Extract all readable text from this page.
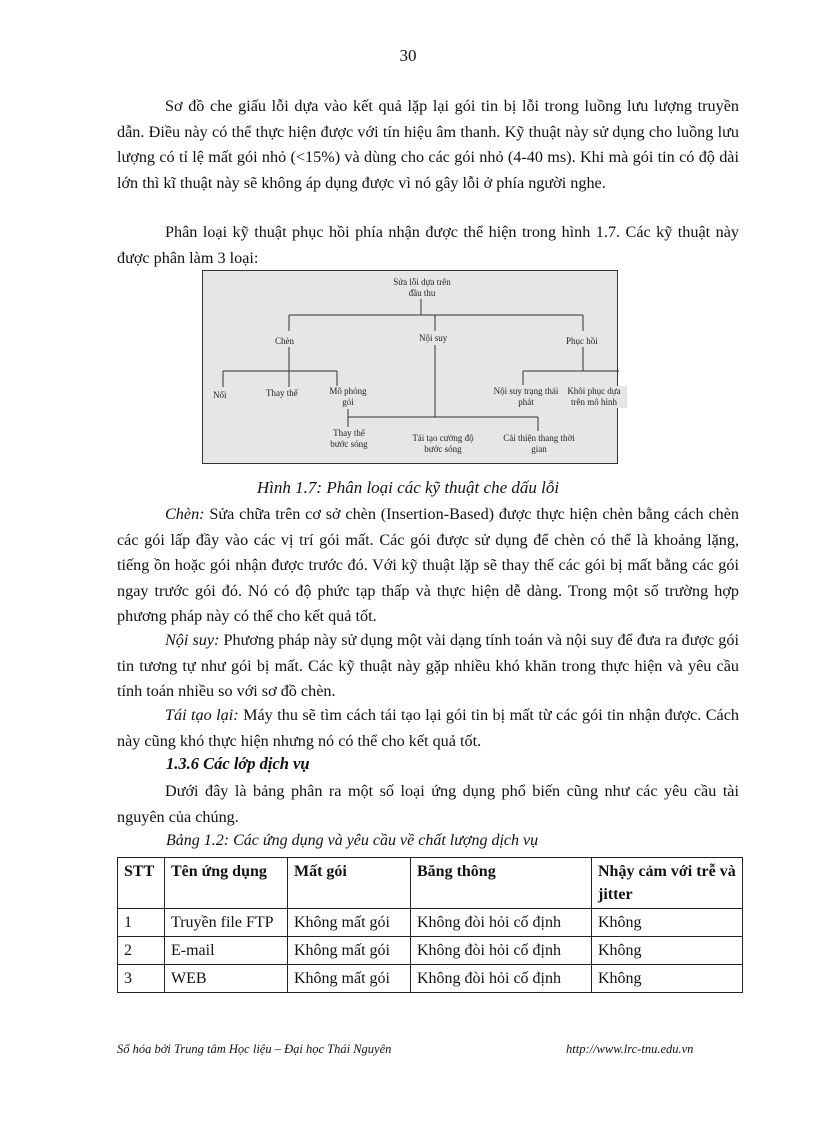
30

Sơ đồ che giấu lỗi dựa vào kết quả lặp lại gói tin bị lỗi trong luồng lưu lượng truyền dẫn. Điều này có thể thực hiện được với tín hiệu âm thanh. Kỹ thuật này sử dụng cho luồng lưu lượng có tỉ lệ mất gói nhỏ (<15%) và dùng cho các gói nhỏ (4-40 ms). Khi mà gói tin có độ dài lớn thì kĩ thuật này sẽ không áp dụng được vì nó gây lỗi ở phía người nghe.

Phân loại kỹ thuật phục hồi phía nhận được thể hiện trong hình 1.7. Các kỹ thuật này được phân làm 3 loại:

Sửa lỗi dựa trên đầu thu
Chèn	Nội suy	Phục hồi
Nối	Thay thế	Mô phỏng gói
Nội suy trạng thái phát
Khôi phục dựa trên mô hình
Thay thế bước sóng
Tái tạo cường độ bước sóng
Cải thiện thang thời gian
Hình 1.7: Phân loại các kỹ thuật che dấu lỗi

Chèn: Sửa chữa trên cơ sở chèn (Insertion-Based) được thực hiện chèn bằng cách chèn các gói lấp đầy vào các vị trí gói mất. Các gói được sử dụng để chèn có thể là khoảng lặng, tiếng ồn hoặc gói nhận được trước đó. Với kỹ thuật lặp sẽ thay thế các gói bị mất bằng các gói ngay trước gói đó. Nó có độ phức tạp thấp và thực hiện dễ dàng. Trong một số trường hợp phương pháp này có thể cho kết quả tốt.

Nội suy: Phương pháp này sử dụng một vài dạng tính toán và nội suy để đưa ra được gói tin tương tự như gói bị mất. Các kỹ thuật này gặp nhiều khó khăn trong thực hiện và yêu cầu tính toán nhiều so với sơ đồ chèn.

Tái tạo lại: Máy thu sẽ tìm cách tái tạo lại gói tin bị mất từ các gói tin nhận được. Cách này cũng khó thực hiện nhưng nó có thể cho kết quả tốt.

1.3.6 Các lớp dịch vụ

Dưới đây là bảng phân ra một số loại ứng dụng phổ biến cũng như các yêu cầu tài nguyên của chúng.

Bảng 1.2: Các ứng dụng và yêu cầu về chất lượng dịch vụ
STT	Tên ứng dụng	Mất gói	Băng thông	Nhậy cảm với trễ và jitter
1	Truyền file FTP	Không mất gói	Không đòi hỏi cố định	Không
2	E-mail	Không mất gói	Không đòi hỏi cố định	Không
3	WEB	Không mất gói	Không đòi hỏi cố định	Không
Số hóa bởi Trung tâm Học liệu – Đại học Thái Nguyên	http://www.lrc-tnu.edu.vn
